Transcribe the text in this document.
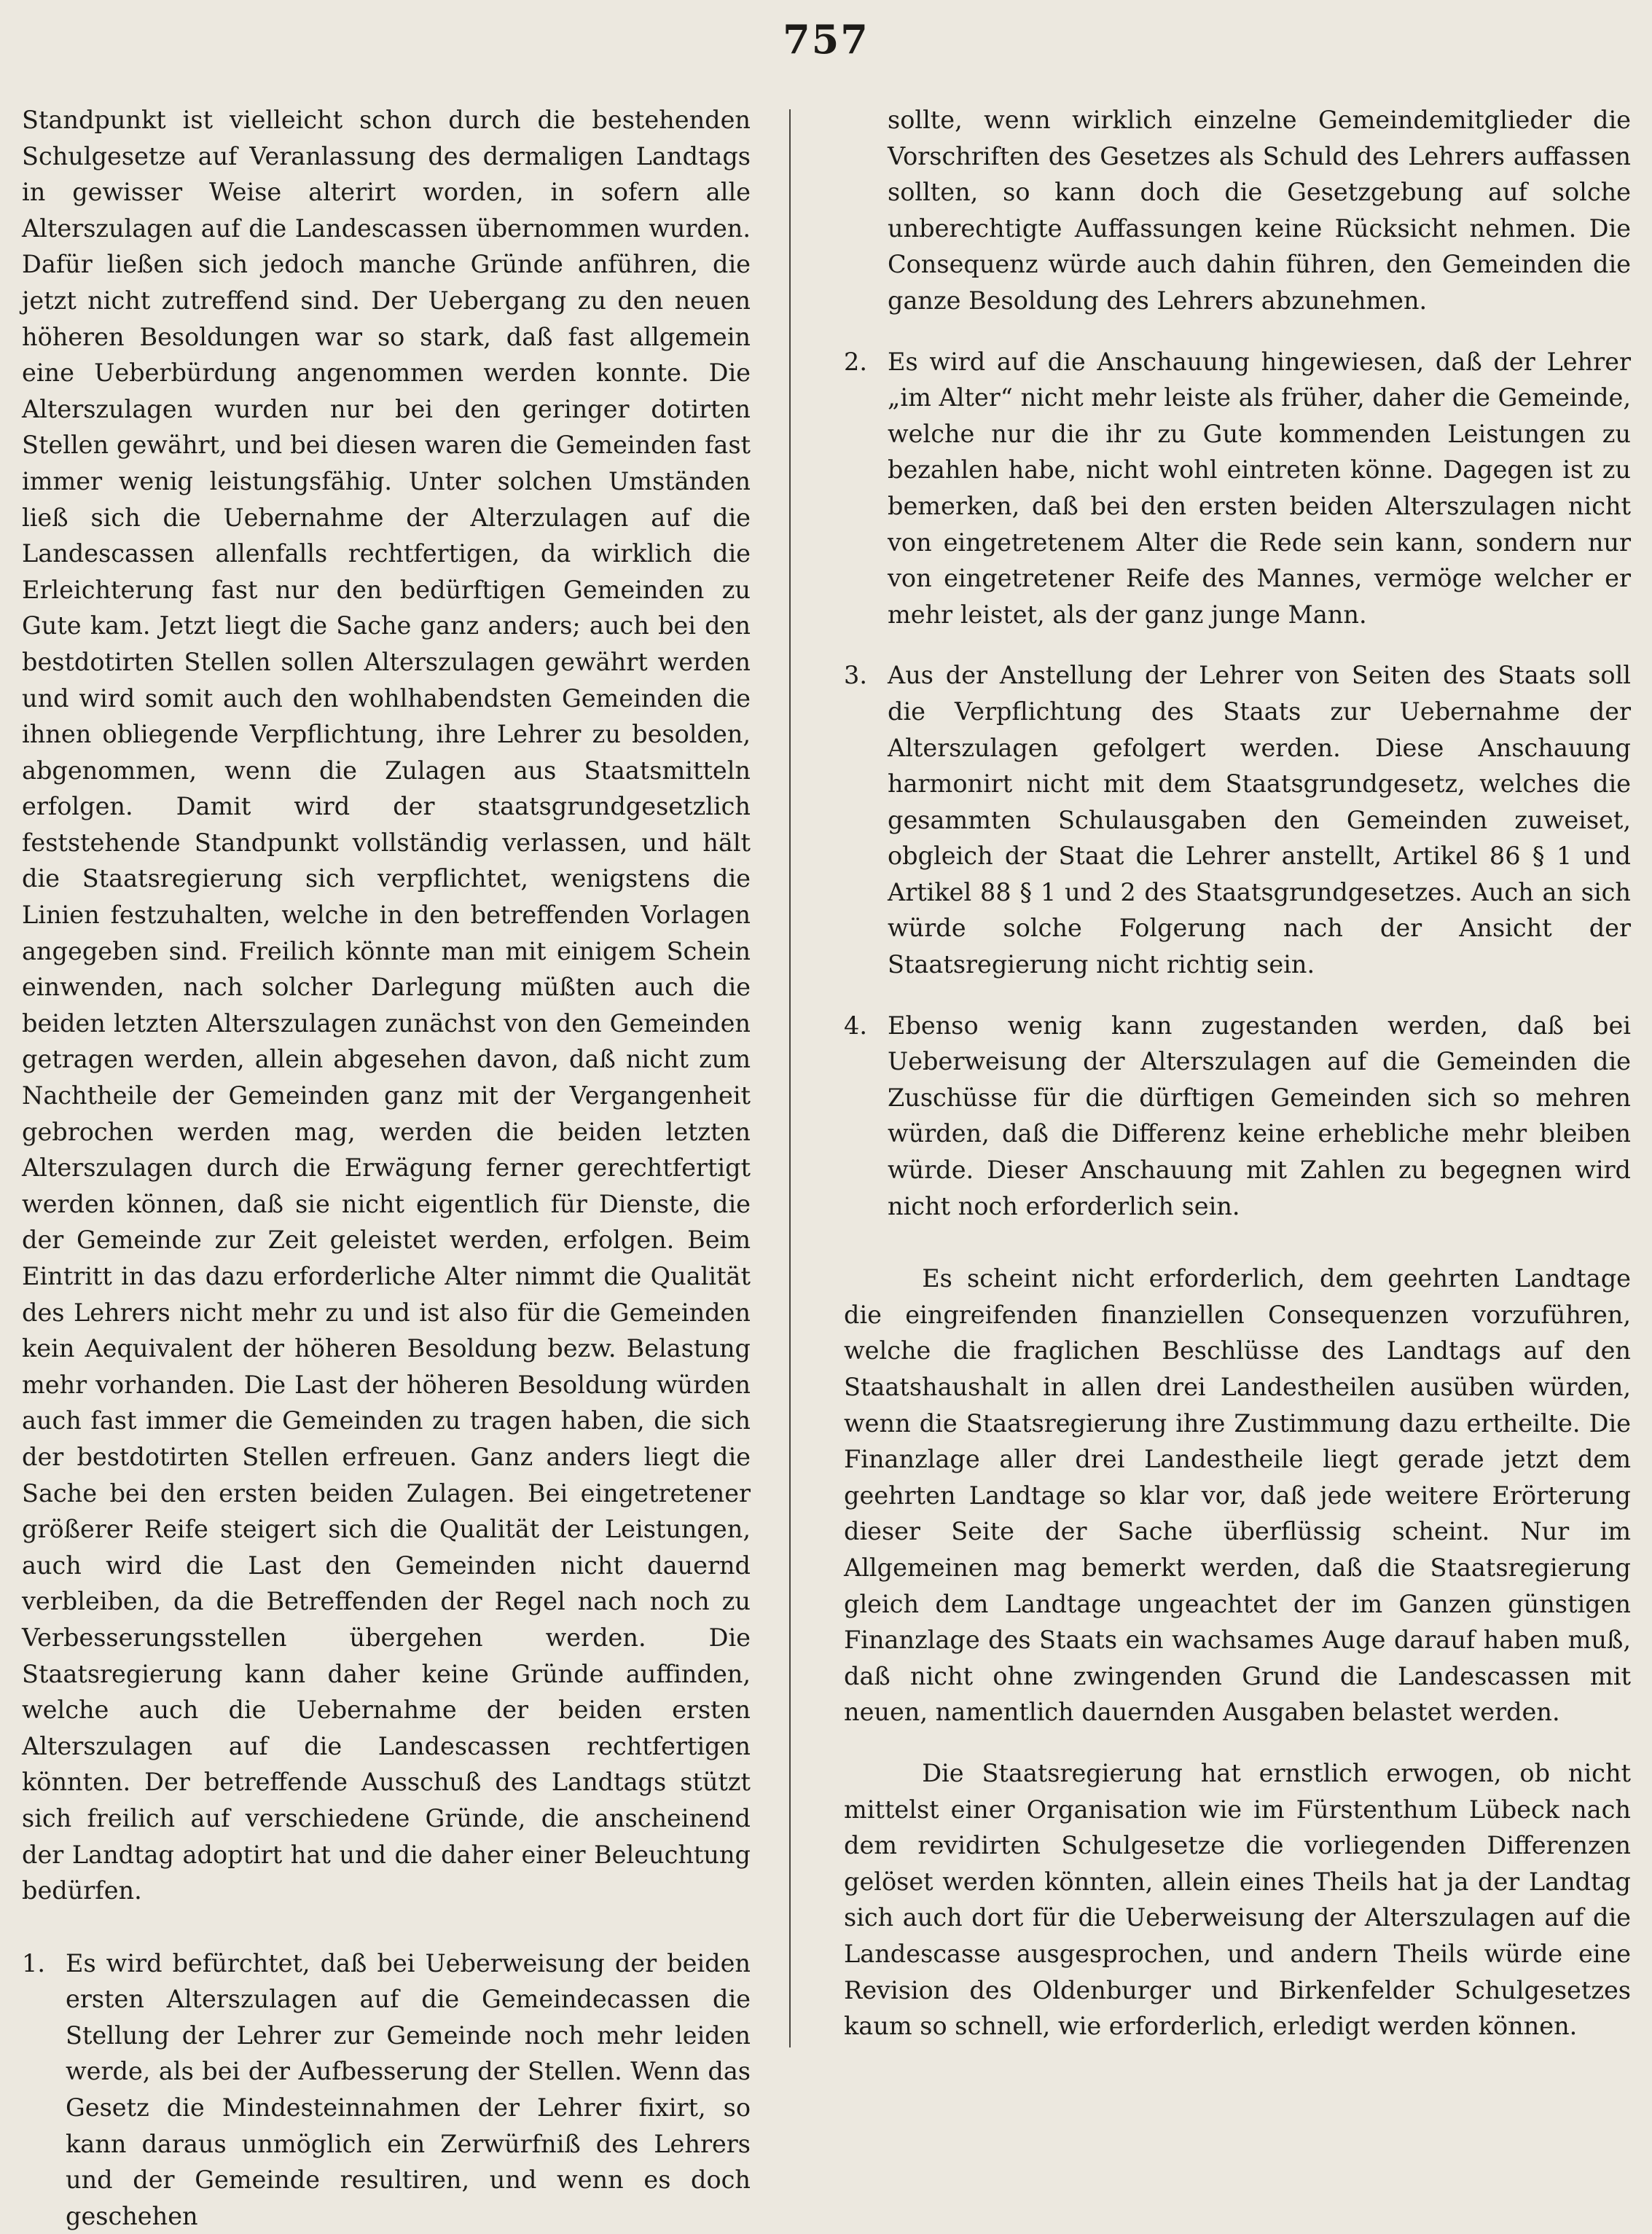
757

Standpunkt ist vielleicht schon durch die bestehenden Schulgesetze auf Veranlassung des dermaligen Landtags in gewisser Weise alterirt worden, in sofern alle Alterszulagen auf die Landescassen übernommen wurden. Dafür ließen sich jedoch manche Gründe anführen, die jetzt nicht zutreffend sind. Der Uebergang zu den neuen höheren Besoldungen war so stark, daß fast allgemein eine Ueberbürdung angenommen werden konnte. Die Alterszulagen wurden nur bei den geringer dotirten Stellen gewährt, und bei diesen waren die Gemeinden fast immer wenig leistungsfähig. Unter solchen Umständen ließ sich die Uebernahme der Alterzulagen auf die Landescassen allenfalls rechtfertigen, da wirklich die Erleichterung fast nur den bedürftigen Gemeinden zu Gute kam. Jetzt liegt die Sache ganz anders; auch bei den bestdotirten Stellen sollen Alterszulagen gewährt werden und wird somit auch den wohlhabendsten Gemeinden die ihnen obliegende Verpflichtung, ihre Lehrer zu besolden, abgenommen, wenn die Zulagen aus Staatsmitteln erfolgen. Damit wird der staatsgrundgesetzlich feststehende Standpunkt vollständig verlassen, und hält die Staatsregierung sich verpflichtet, wenigstens die Linien festzuhalten, welche in den betreffenden Vorlagen angegeben sind. Freilich könnte man mit einigem Schein einwenden, nach solcher Darlegung müßten auch die beiden letzten Alterszulagen zunächst von den Gemeinden getragen werden, allein abgesehen davon, daß nicht zum Nachtheile der Gemeinden ganz mit der Vergangenheit gebrochen werden mag, werden die beiden letzten Alterszulagen durch die Erwägung ferner gerechtfertigt werden können, daß sie nicht eigentlich für Dienste, die der Gemeinde zur Zeit geleistet werden, erfolgen. Beim Eintritt in das dazu erforderliche Alter nimmt die Qualität des Lehrers nicht mehr zu und ist also für die Gemeinden kein Aequivalent der höheren Besoldung bezw. Belastung mehr vorhanden. Die Last der höheren Besoldung würden auch fast immer die Gemeinden zu tragen haben, die sich der bestdotirten Stellen erfreuen. Ganz anders liegt die Sache bei den ersten beiden Zulagen. Bei eingetretener größerer Reife steigert sich die Qualität der Leistungen, auch wird die Last den Gemeinden nicht dauernd verbleiben, da die Betreffenden der Regel nach noch zu Verbesserungsstellen übergehen werden. Die Staatsregierung kann daher keine Gründe auffinden, welche auch die Uebernahme der beiden ersten Alterszulagen auf die Landescassen rechtfertigen könnten. Der betreffende Ausschuß des Landtags stützt sich freilich auf verschiedene Gründe, die anscheinend der Landtag adoptirt hat und die daher einer Beleuchtung bedürfen.

1. Es wird befürchtet, daß bei Ueberweisung der beiden ersten Alterszulagen auf die Gemeindecassen die Stellung der Lehrer zur Gemeinde noch mehr leiden werde, als bei der Aufbesserung der Stellen. Wenn das Gesetz die Mindesteinnahmen der Lehrer fixirt, so kann daraus unmöglich ein Zerwürfniß des Lehrers und der Gemeinde resultiren, und wenn es doch geschehen
sollte, wenn wirklich einzelne Gemeindemitglieder die Vorschriften des Gesetzes als Schuld des Lehrers auffassen sollten, so kann doch die Gesetzgebung auf solche unberechtigte Auffassungen keine Rücksicht nehmen. Die Consequenz würde auch dahin führen, den Gemeinden die ganze Besoldung des Lehrers abzunehmen.
2. Es wird auf die Anschauung hingewiesen, daß der Lehrer „im Alter“ nicht mehr leiste als früher, daher die Gemeinde, welche nur die ihr zu Gute kommenden Leistungen zu bezahlen habe, nicht wohl eintreten könne. Dagegen ist zu bemerken, daß bei den ersten beiden Alterszulagen nicht von eingetretenem Alter die Rede sein kann, sondern nur von eingetretener Reife des Mannes, vermöge welcher er mehr leistet, als der ganz junge Mann.
3. Aus der Anstellung der Lehrer von Seiten des Staats soll die Verpflichtung des Staats zur Uebernahme der Alterszulagen gefolgert werden. Diese Anschauung harmonirt nicht mit dem Staatsgrundgesetz, welches die gesammten Schulausgaben den Gemeinden zuweiset, obgleich der Staat die Lehrer anstellt, Artikel 86 § 1 und Artikel 88 § 1 und 2 des Staatsgrundgesetzes. Auch an sich würde solche Folgerung nach der Ansicht der Staatsregierung nicht richtig sein.
4. Ebenso wenig kann zugestanden werden, daß bei Ueberweisung der Alterszulagen auf die Gemeinden die Zuschüsse für die dürftigen Gemeinden sich so mehren würden, daß die Differenz keine erhebliche mehr bleiben würde. Dieser Anschauung mit Zahlen zu begegnen wird nicht noch erforderlich sein.

Es scheint nicht erforderlich, dem geehrten Landtage die eingreifenden finanziellen Consequenzen vorzuführen, welche die fraglichen Beschlüsse des Landtags auf den Staatshaushalt in allen drei Landestheilen ausüben würden, wenn die Staatsregierung ihre Zustimmung dazu ertheilte. Die Finanzlage aller drei Landestheile liegt gerade jetzt dem geehrten Landtage so klar vor, daß jede weitere Erörterung dieser Seite der Sache überflüssig scheint. Nur im Allgemeinen mag bemerkt werden, daß die Staatsregierung gleich dem Landtage ungeachtet der im Ganzen günstigen Finanzlage des Staats ein wachsames Auge darauf haben muß, daß nicht ohne zwingenden Grund die Landescassen mit neuen, namentlich dauernden Ausgaben belastet werden.

Die Staatsregierung hat ernstlich erwogen, ob nicht mittelst einer Organisation wie im Fürstenthum Lübeck nach dem revidirten Schulgesetze die vorliegenden Differenzen gelöset werden könnten, allein eines Theils hat ja der Landtag sich auch dort für die Ueberweisung der Alterszulagen auf die Landescasse ausgesprochen, und andern Theils würde eine Revision des Oldenburger und Birkenfelder Schulgesetzes kaum so schnell, wie erforderlich, erledigt werden können.
